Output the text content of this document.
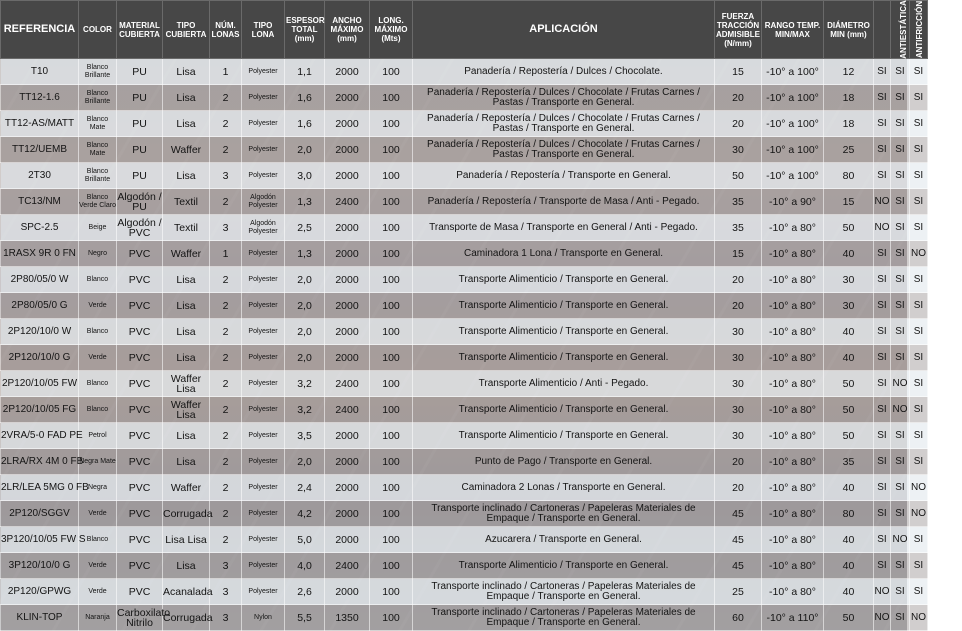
REFERENCIA	COLOR	MATERIAL CUBIERTA	TIPO CUBIERTA	NÚM. LONAS	TIPO LONA	ESPESOR TOTAL (mm)	ANCHO MÁXIMO (mm)	LONG. MÁXIMO (Mts)	APLICACIÓN	FUERZA TRACCIÓN ADMISIBLE (N/mm)	RANGO TEMP. MIN/MAX	DIÁMETRO MIN (mm)	ANTIESTÁTICA	ANTIFRICCIÓN	ALIMENTICIA
T10	Blanco Brillante	PU	Lisa	1	Polyester	1,1	2000	100	Panadería / Repostería / Dulces / Chocolate.	15	-10° a 100°	12	SI	SI	SI
TT12-1.6	Blanco Brillante	PU	Lisa	2	Polyester	1,6	2000	100	Panadería / Repostería / Dulces / Chocolate / Frutas Carnes / Pastas / Transporte en General.	20	-10° a 100°	18	SI	SI	SI
TT12-AS/MATT	Blanco Mate	PU	Lisa	2	Polyester	1,6	2000	100	Panadería / Repostería / Dulces / Chocolate / Frutas Carnes / Pastas / Transporte en General.	20	-10° a 100°	18	SI	SI	SI
TT12/UEMB	Blanco Mate	PU	Waffer	2	Polyester	2,0	2000	100	Panadería / Repostería / Dulces / Chocolate / Frutas Carnes / Pastas / Transporte en General.	30	-10° a 100°	25	SI	SI	SI
2T30	Blanco Brillante	PU	Lisa	3	Polyester	3,0	2000	100	Panadería / Repostería / Transporte en General.	50	-10° a 100°	80	SI	SI	SI
TC13/NM	Blanco Verde Claro	Algodón / PU	Textil	2	Algodón Polyester	1,3	2400	100	Panadería / Repostería / Transporte de Masa / Anti - Pegado.	35	-10° a 90°	15	NO	SI	SI
SPC-2.5	Beige	Algodón / PVC	Textil	3	Algodón Polyester	2,5	2000	100	Transporte de Masa / Transporte en General / Anti - Pegado.	35	-10° a 80°	50	NO	SI	SI
1RASX 9R 0 FN	Negro	PVC	Waffer	1	Polyester	1,3	2000	100	Caminadora 1 Lona / Transporte en General.	15	-10° a 80°	40	SI	SI	NO
2P80/05/0 W	Blanco	PVC	Lisa	2	Polyester	2,0	2000	100	Transporte Alimenticio / Transporte en General.	20	-10° a 80°	30	SI	SI	SI
2P80/05/0 G	Verde	PVC	Lisa	2	Polyester	2,0	2000	100	Transporte Alimenticio / Transporte en General.	20	-10° a 80°	30	SI	SI	SI
2P120/10/0 W	Blanco	PVC	Lisa	2	Polyester	2,0	2000	100	Transporte Alimenticio / Transporte en General.	30	-10° a 80°	40	SI	SI	SI
2P120/10/0 G	Verde	PVC	Lisa	2	Polyester	2,0	2000	100	Transporte Alimenticio / Transporte en General.	30	-10° a 80°	40	SI	SI	SI
2P120/10/05 FW	Blanco	PVC	Waffer Lisa	2	Polyester	3,2	2400	100	Transporte Alimenticio / Anti - Pegado.	30	-10° a 80°	50	SI	NO	SI
2P120/10/05 FG	Blanco	PVC	Waffer Lisa	2	Polyester	3,2	2400	100	Transporte Alimenticio / Transporte en General.	30	-10° a 80°	50	SI	NO	SI
2VRA/5-0 FAD PE	Petrol	PVC	Lisa	2	Polyester	3,5	2000	100	Transporte Alimenticio / Transporte en General.	30	-10° a 80°	50	SI	SI	SI
2LRA/RX 4M 0 FB	Negra Mate	PVC	Lisa	2	Polyester	2,0	2000	100	Punto de Pago / Transporte en General.	20	-10° a 80°	35	SI	SI	SI
2LR/LEA 5MG 0 FB	Negra	PVC	Waffer	2	Polyester	2,4	2000	100	Caminadora 2 Lonas / Transporte en General.	20	-10° a 80°	40	SI	SI	NO
2P120/SGGV	Verde	PVC	Corrugada	2	Polyester	4,2	2000	100	Transporte inclinado / Cartoneras / Papeleras Materiales de Empaque / Transporte en General.	45	-10° a 80°	80	SI	SI	NO
3P120/10/05 FW S	Blanco	PVC	Lisa Lisa	2	Polyester	5,0	2000	100	Azucarera / Transporte en General.	45	-10° a 80°	40	SI	NO	SI
3P120/10/0 G	Verde	PVC	Lisa	3	Polyester	4,0	2400	100	Transporte Alimenticio / Transporte en General.	45	-10° a 80°	40	SI	SI	SI
2P120/GPWG	Verde	PVC	Acanalada	3	Polyester	2,6	2000	100	Transporte inclinado / Cartoneras / Papeleras Materiales de Empaque / Transporte en General.	25	-10° a 80°	40	NO	SI	SI
KLIN-TOP	Naranja	Carboxilato Nitrilo	Corrugada	3	Nylon	5,5	1350	100	Transporte inclinado / Cartoneras / Papeleras Materiales de Empaque / Transporte en General.	60	-10° a 110°	50	NO	SI	NO
